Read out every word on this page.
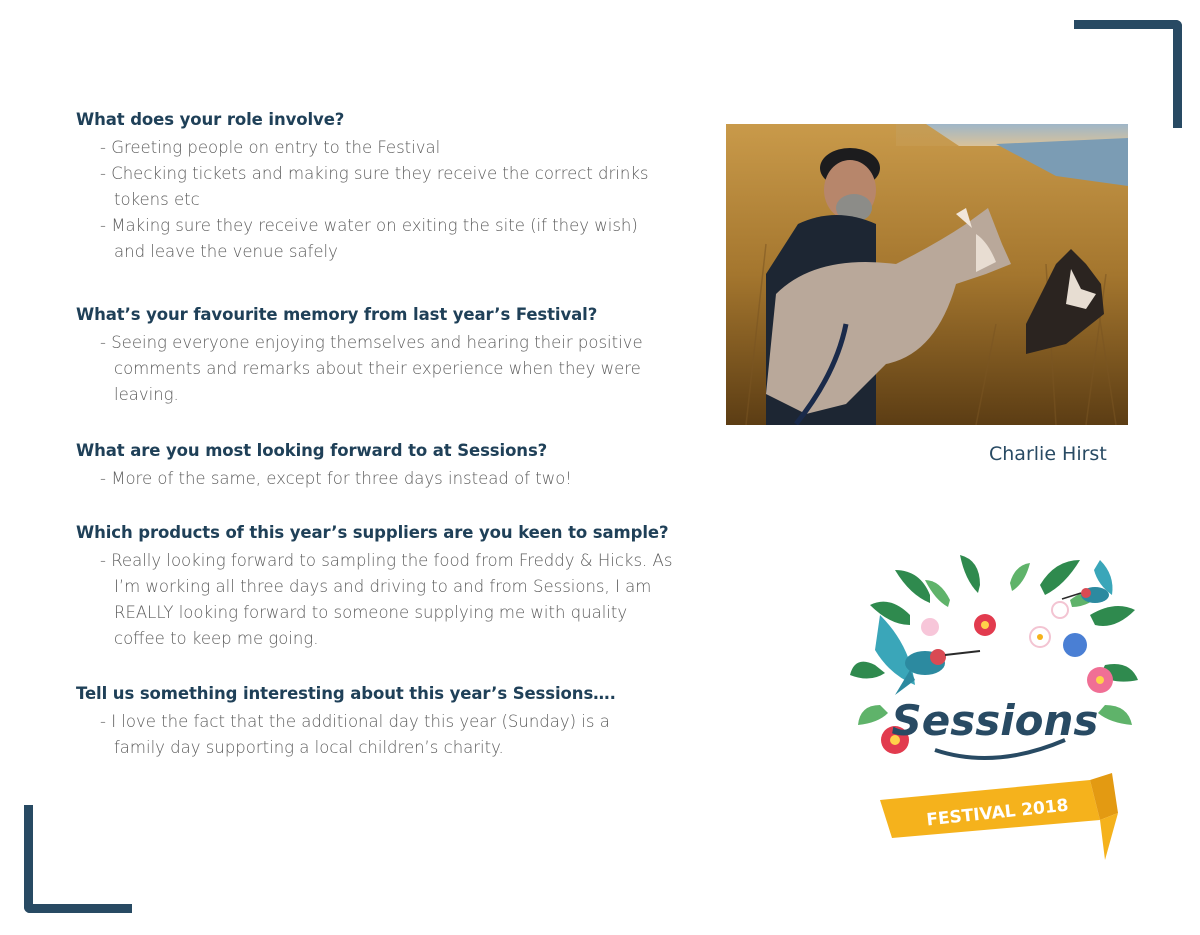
What does your role involve?
- Greeting people on entry to the Festival
- Checking tickets and making sure they receive the correct drinks tokens etc
- Making sure they receive water on exiting the site (if they wish) and leave the venue safely
What’s your favourite memory from last year’s Festival?
- Seeing everyone enjoying themselves and hearing their positive comments and remarks about their experience when they were leaving.
What are you most looking forward to at Sessions?
- More of the same, except for three days instead of two!
Which products of this year’s suppliers are you keen to sample?
- Really looking forward to sampling the food from Freddy & Hicks. As I’m working all three days and driving to and from Sessions, I am REALLY looking forward to someone supplying me with quality coffee to keep me going.
Tell us something interesting about this year’s Sessions….
- I love the fact that the additional day this year (Sunday) is a family day supporting a local children’s charity.
Charlie Hirst
Sessions
FESTIVAL 2018
